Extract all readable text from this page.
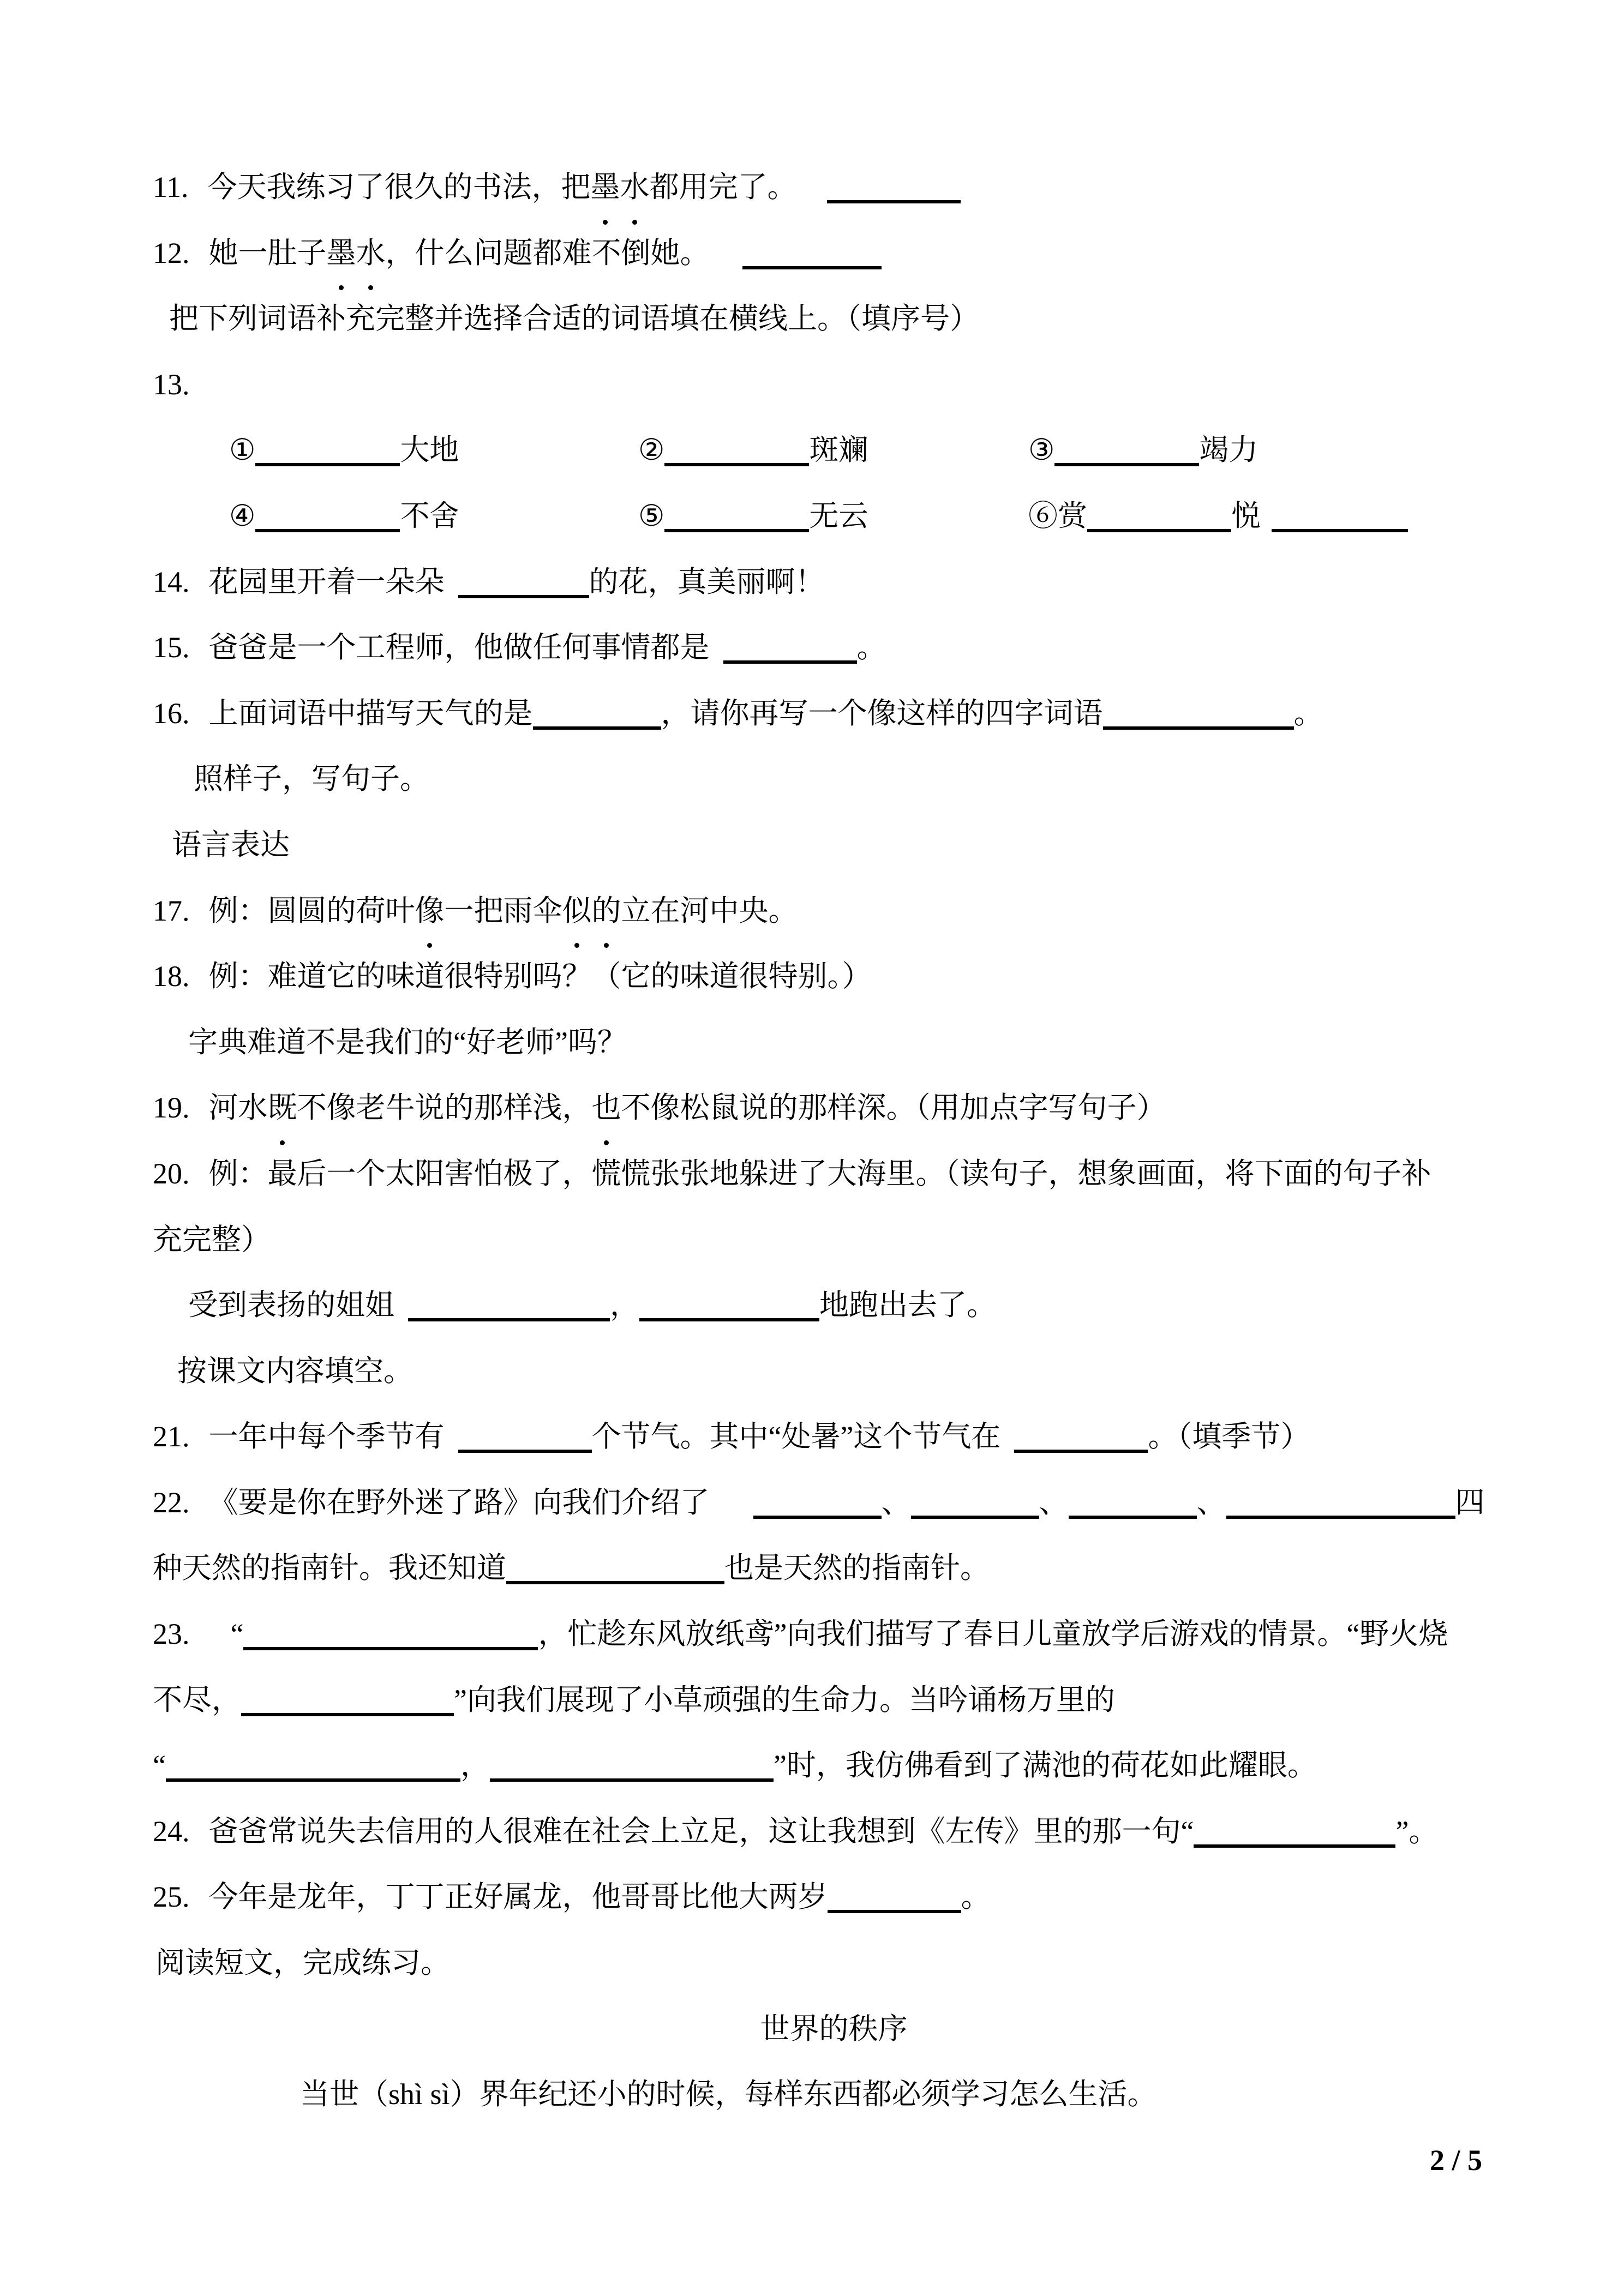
11. 今天我练习了很久的书法，把墨水都用完了。
12. 她一肚子墨水，什么问题都难不倒她。
把下列词语补充完整并选择合适的词语填在横线上。（填序号）
13.
①	大地	②	斑斓	③	竭力
④	不舍	⑤	无云	⑥赏	悦
14. 花园里开着一朵朵	的花，真美丽啊！
15. 爸爸是一个工程师，他做任何事情都是	。
16. 上面词语中描写天气的是	，请你再写一个像这样的四字词语	。
照样子，写句子。
语言表达
17. 例：圆圆的荷叶像一把雨伞似的立在河中央。
18. 例：难道它的味道很特别吗？（它的味道很特别。）
字典难道不是我们的“好老师”吗？
19. 河水既不像老牛说的那样浅，也不像松鼠说的那样深。（用加点字写句子）
20. 例：最后一个太阳害怕极了，慌慌张张地躲进了大海里。（读句子，想象画面，将下面的句子补
充完整）
受到表扬的姐姐	，	地跑出去了。
按课文内容填空。
21. 一年中每个季节有	个节气。其中“处暑”这个节气在	。（填季节）
22. 《要是你在野外迷了路》向我们介绍了	、	、	、	四
种天然的指南针。我还知道	也是天然的指南针。
23. “	，忙趁东风放纸鸢”向我们描写了春日儿童放学后游戏的情景。“野火烧
不尽，	”向我们展现了小草顽强的生命力。当吟诵杨万里的
“	，	”时，我仿佛看到了满池的荷花如此耀眼。
24. 爸爸常说失去信用的人很难在社会上立足，这让我想到《左传》里的那一句“	”。
25. 今年是龙年，丁丁正好属龙，他哥哥比他大两岁	。
阅读短文，完成练习。
世界的秩序
当世（shì sì）界年纪还小的时候，每样东西都必须学习怎么生活。
2 / 5
